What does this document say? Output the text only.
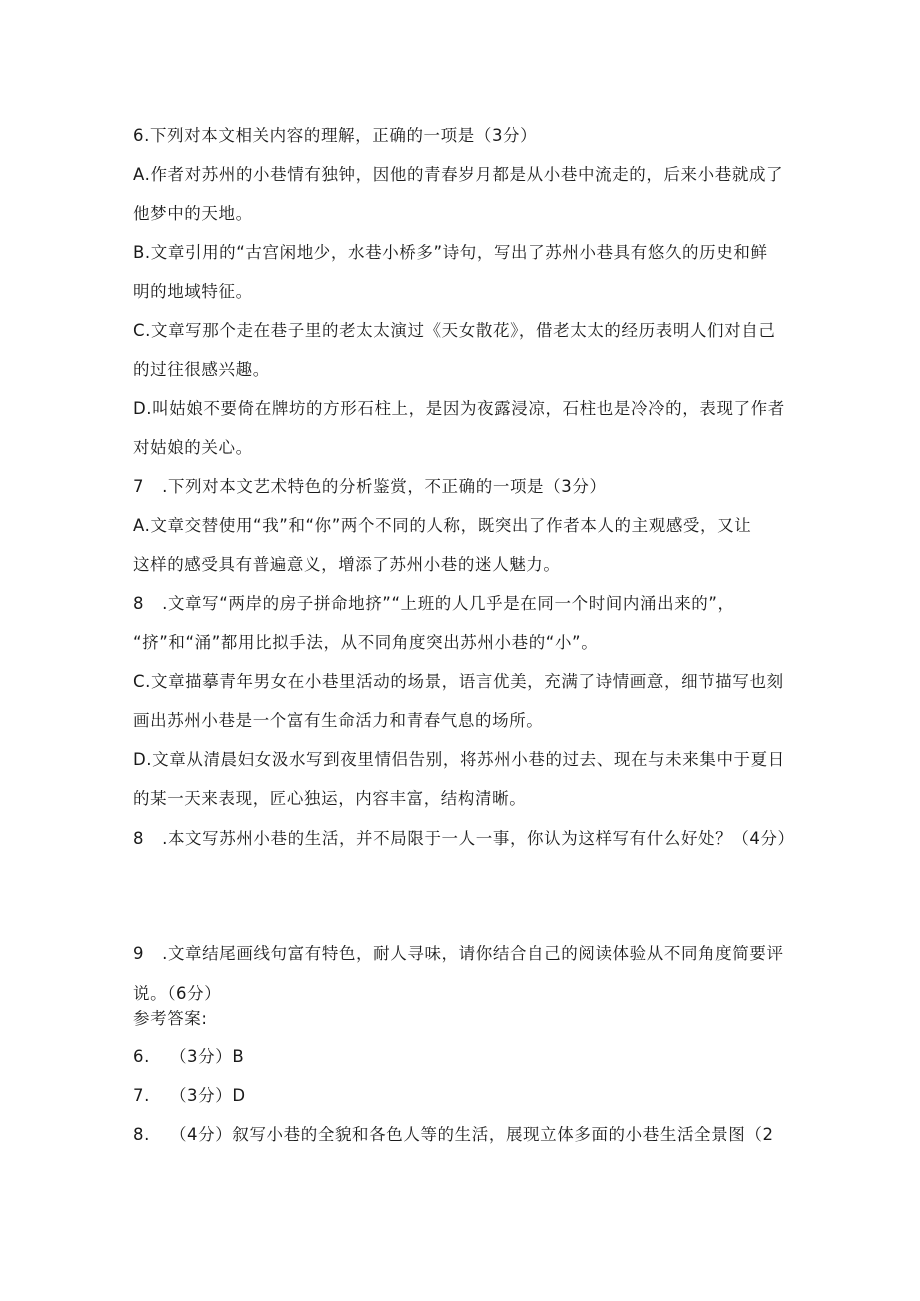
6.下列对本文相关内容的理解，正确的一项是（3分）
A.作者对苏州的小巷情有独钟，因他的青春岁月都是从小巷中流走的，后来小巷就成了
他梦中的天地。
B.文章引用的“古宫闲地少，水巷小桥多”诗句，写出了苏州小巷具有悠久的历史和鲜
明的地域特征。
C.文章写那个走在巷子里的老太太演过《天女散花》，借老太太的经历表明人们对自己
的过往很感兴趣。
D.叫姑娘不要倚在牌坊的方形石柱上，是因为夜露浸凉，石柱也是冷冷的，表现了作者
对姑娘的关心。
7 .下列对本文艺术特色的分析鉴赏，不正确的一项是（3分）
A.文章交替使用“我”和“你”两个不同的人称，既突出了作者本人的主观感受，又让
这样的感受具有普遍意义，增添了苏州小巷的迷人魅力。
8 .文章写“两岸的房子拼命地挤”“上班的人几乎是在同一个时间内涌出来的”，
“挤”和“涌”都用比拟手法，从不同角度突出苏州小巷的“小”。
C.文章描摹青年男女在小巷里活动的场景，语言优美，充满了诗情画意，细节描写也刻
画出苏州小巷是一个富有生命活力和青春气息的场所。
D.文章从清晨妇女汲水写到夜里情侣告别，将苏州小巷的过去、现在与未来集中于夏日
的某一天来表现，匠心独运，内容丰富，结构清晰。
8 .本文写苏州小巷的生活，并不局限于一人一事，你认为这样写有什么好处？（4分）
9 .文章结尾画线句富有特色，耐人寻味，请你结合自己的阅读体验从不同角度简要评
说。（6分）
参考答案:
6. （3分）B
7. （3分）D
8. （4分）叙写小巷的全貌和各色人等的生活，展现立体多面的小巷生活全景图（2
